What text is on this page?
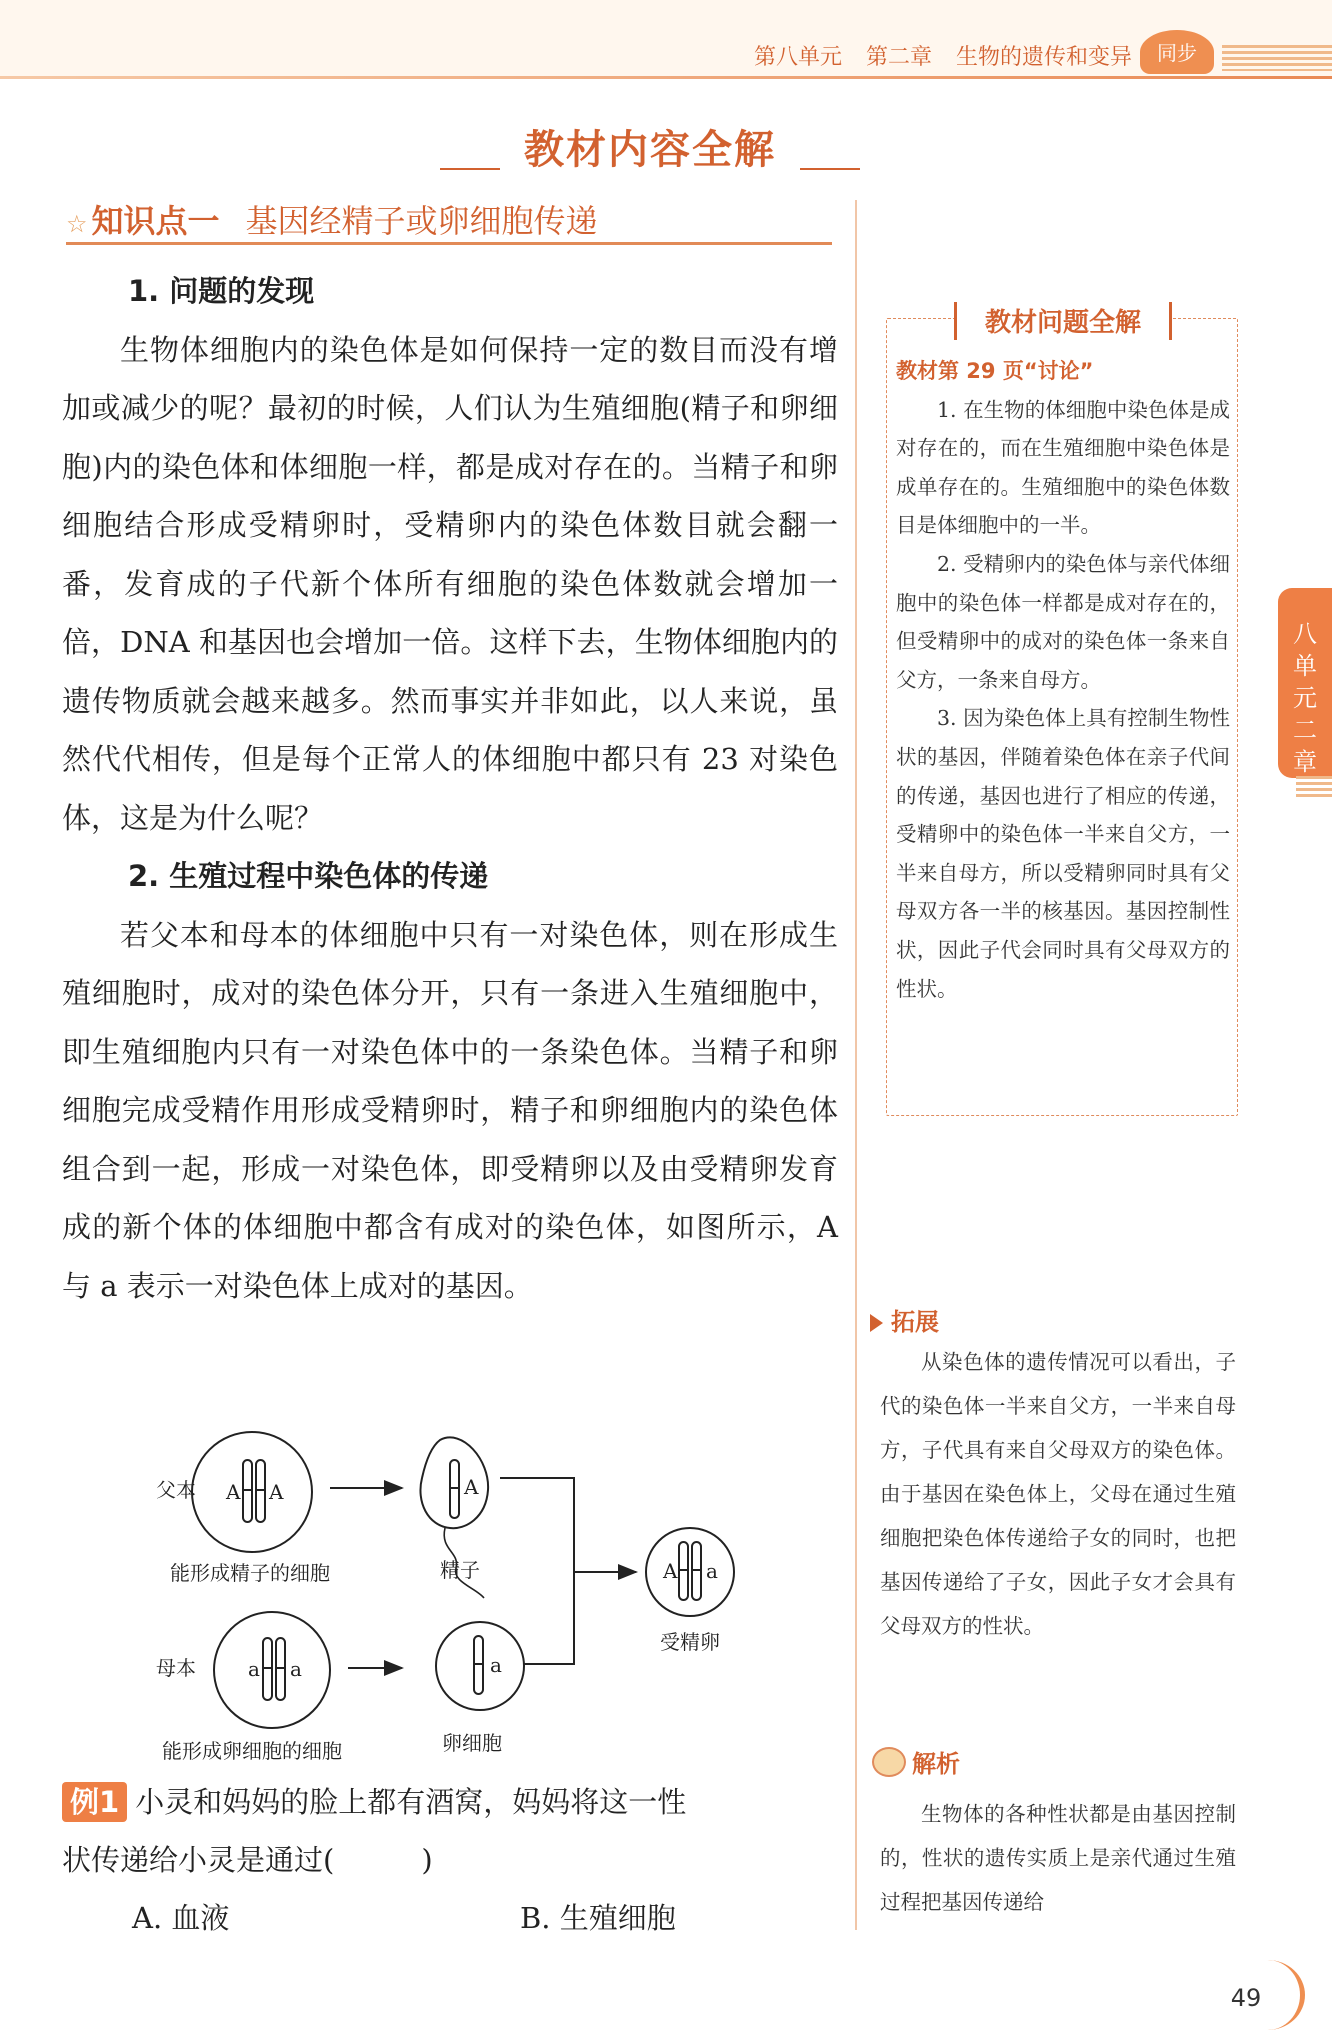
第八单元 第二章 生物的遗传和变异	同步
教材内容全解
☆ 知识点一 基因经精子或卵细胞传递
1. 问题的发现

生物体细胞内的染色体是如何保持一定的数目而没有增加或减少的呢？最初的时候，人们认为生殖细胞(精子和卵细胞)内的染色体和体细胞一样，都是成对存在的。当精子和卵细胞结合形成受精卵时，受精卵内的染色体数目就会翻一番，发育成的子代新个体所有细胞的染色体数就会增加一倍，DNA 和基因也会增加一倍。这样下去，生物体细胞内的遗传物质就会越来越多。然而事实并非如此，以人来说，虽然代代相传，但是每个正常人的体细胞中都只有 23 对染色体，这是为什么呢？

2. 生殖过程中染色体的传递

若父本和母本的体细胞中只有一对染色体，则在形成生殖细胞时，成对的染色体分开，只有一条进入生殖细胞中，即生殖细胞内只有一对染色体中的一条染色体。当精子和卵细胞完成受精作用形成受精卵时，精子和卵细胞内的染色体组合到一起，形成一对染色体，即受精卵以及由受精卵发育成的新个体的体细胞中都含有成对的染色体，如图所示，A 与 a 表示一对染色体上成对的基因。

父本 A A
能形成精子的细胞
A
精子
母本	a a
能形成卵细胞的细胞
a
卵细胞
A a
受精卵

例1 小灵和妈妈的脸上都有酒窝，妈妈将这一性

状传递给小灵是通过(　　　)

A. 血液	B. 生殖细胞
教材问题全解
教材第 29 页“讨论”

1. 在生物的体细胞中染色体是成对存在的，而在生殖细胞中染色体是成单存在的。生殖细胞中的染色体数目是体细胞中的一半。

2. 受精卵内的染色体与亲代体细胞中的染色体一样都是成对存在的，但受精卵中的成对的染色体一条来自父方，一条来自母方。

3. 因为染色体上具有控制生物性状的基因，伴随着染色体在亲子代间的传递，基因也进行了相应的传递，受精卵中的染色体一半来自父方，一半来自母方，所以受精卵同时具有父母双方各一半的核基因。基因控制性状，因此子代会同时具有父母双方的性状。

八
单
元
二
章
拓展

从染色体的遗传情况可以看出，子代的染色体一半来自父方，一半来自母方，子代具有来自父母双方的染色体。由于基因在染色体上，父母在通过生殖细胞把染色体传递给子女的同时，也把基因传递给了子女，因此子女才会具有父母双方的性状。

解析

生物体的各种性状都是由基因控制的，性状的遗传实质上是亲代通过生殖过程把基因传递给

49
